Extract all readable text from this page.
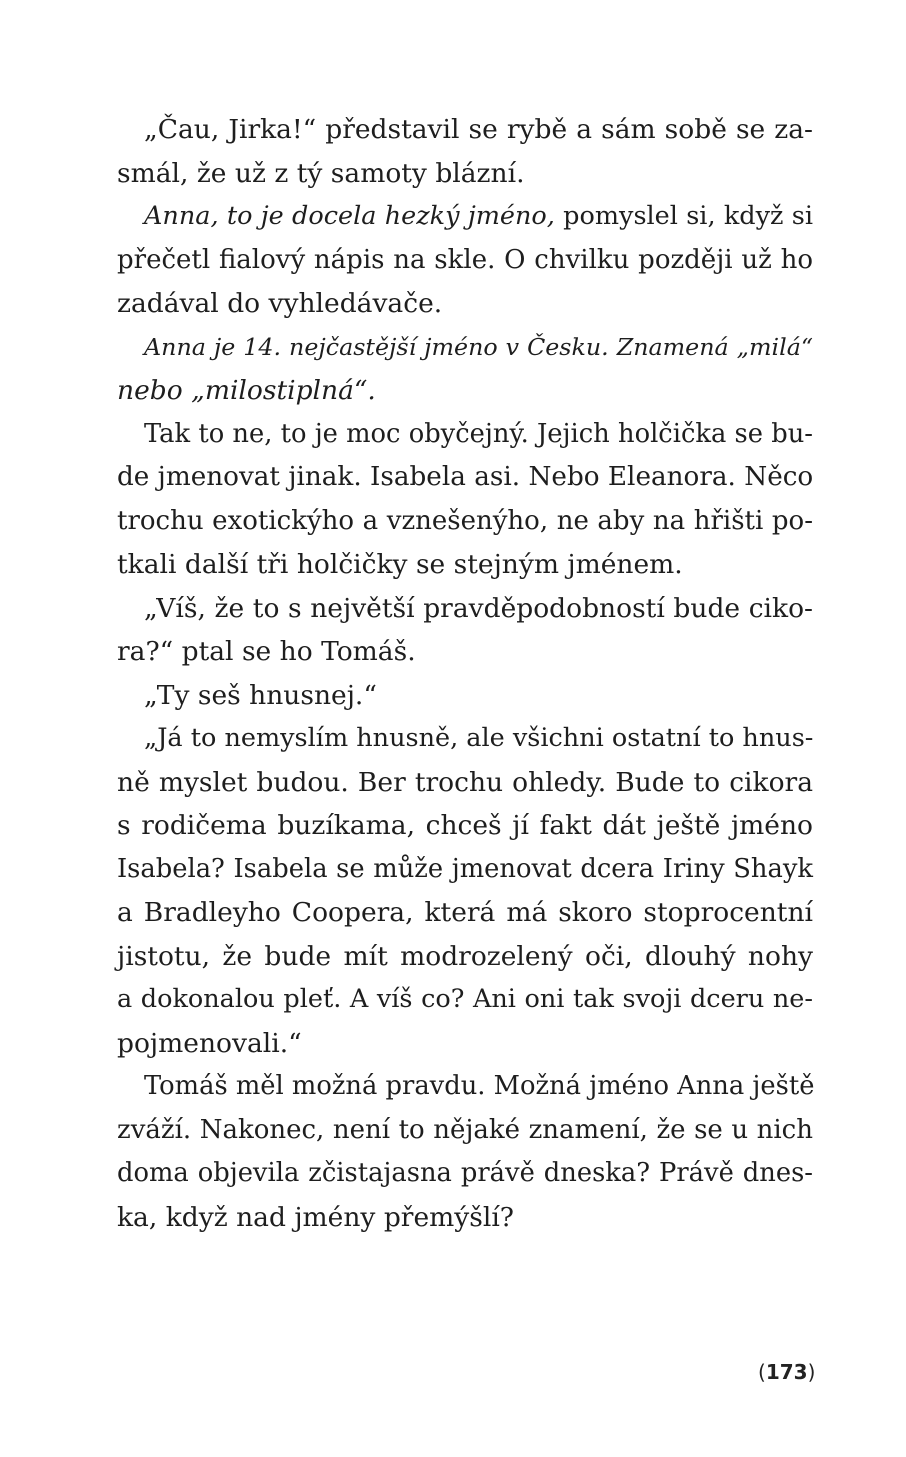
„Čau, Jirka!“ představil se rybě a sám sobě se za-
smál, že už z tý samoty blázní.
Anna, to je docela hezký jméno, pomyslel si, když si
přečetl fialový nápis na skle. O chvilku později už ho
zadával do vyhledávače.
Anna je 14. nejčastější jméno v Česku. Znamená „milá“
nebo „milostiplná“.
Tak to ne, to je moc obyčejný. Jejich holčička se bu-
de jmenovat jinak. Isabela asi. Nebo Eleanora. Něco
trochu exotickýho a vznešenýho, ne aby na hřišti po-
tkali další tři holčičky se stejným jménem.
„Víš, že to s největší pravděpodobností bude ciko-
ra?“ ptal se ho Tomáš.
„Ty seš hnusnej.“
„Já to nemyslím hnusně, ale všichni ostatní to hnus-
ně myslet budou. Ber trochu ohledy. Bude to cikora
s rodičema buzíkama, chceš jí fakt dát ještě jméno
Isabela? Isabela se může jmenovat dcera Iriny Shayk
a Bradleyho Coopera, která má skoro stoprocentní
jistotu, že bude mít modrozelený oči, dlouhý nohy
a dokonalou pleť. A víš co? Ani oni tak svoji dceru ne-
pojmenovali.“
Tomáš měl možná pravdu. Možná jméno Anna ještě
zváží. Nakonec, není to nějaké znamení, že se u nich
doma objevila zčistajasna právě dneska? Právě dnes-
ka, když nad jmény přemýšlí?
(173)
